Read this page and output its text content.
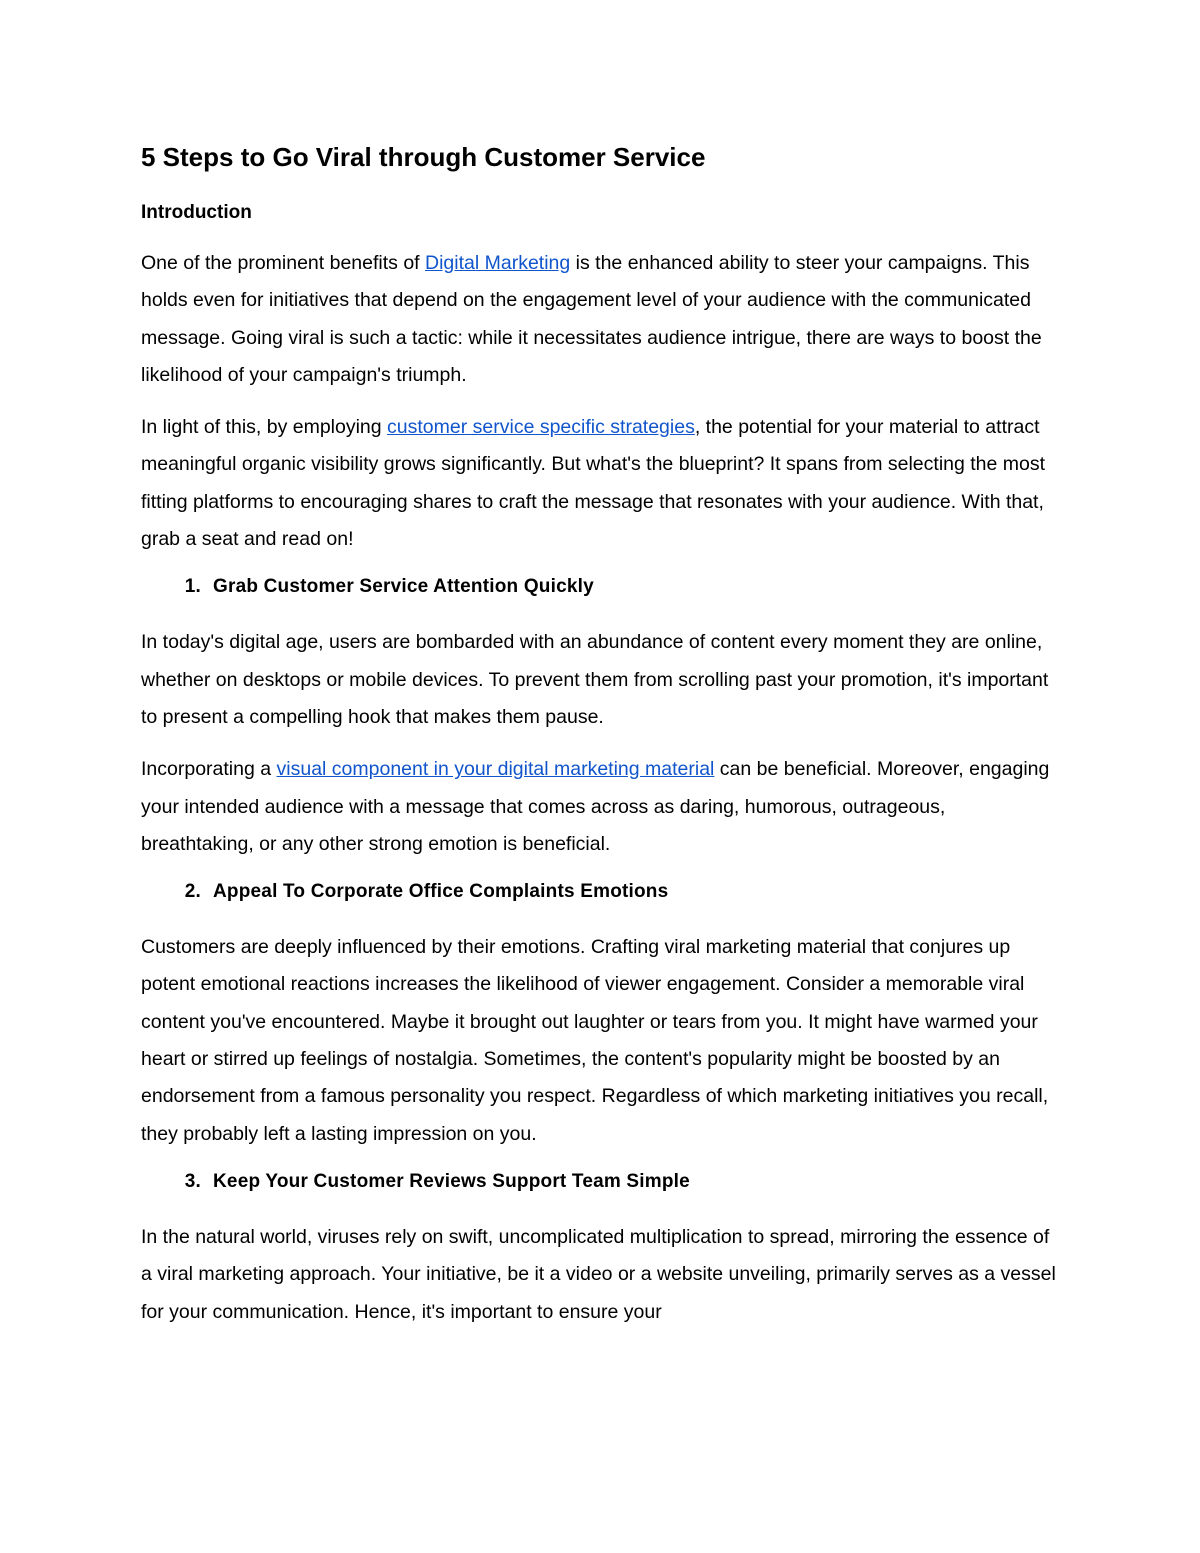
5 Steps to Go Viral through Customer Service
Introduction

One of the prominent benefits of Digital Marketing is the enhanced ability to steer your campaigns. This holds even for initiatives that depend on the engagement level of your audience with the communicated message. Going viral is such a tactic: while it necessitates audience intrigue, there are ways to boost the likelihood of your campaign's triumph.

In light of this, by employing customer service specific strategies, the potential for your material to attract meaningful organic visibility grows significantly. But what's the blueprint? It spans from selecting the most fitting platforms to encouraging shares to craft the message that resonates with your audience. With that, grab a seat and read on!

1. Grab Customer Service Attention Quickly

In today's digital age, users are bombarded with an abundance of content every moment they are online, whether on desktops or mobile devices. To prevent them from scrolling past your promotion, it's important to present a compelling hook that makes them pause.

Incorporating a visual component in your digital marketing material can be beneficial. Moreover, engaging your intended audience with a message that comes across as daring, humorous, outrageous, breathtaking, or any other strong emotion is beneficial.

2. Appeal To Corporate Office Complaints Emotions

Customers are deeply influenced by their emotions. Crafting viral marketing material that conjures up potent emotional reactions increases the likelihood of viewer engagement. Consider a memorable viral content you've encountered. Maybe it brought out laughter or tears from you. It might have warmed your heart or stirred up feelings of nostalgia. Sometimes, the content's popularity might be boosted by an endorsement from a famous personality you respect. Regardless of which marketing initiatives you recall, they probably left a lasting impression on you.

3. Keep Your Customer Reviews Support Team Simple

In the natural world, viruses rely on swift, uncomplicated multiplication to spread, mirroring the essence of a viral marketing approach. Your initiative, be it a video or a website unveiling, primarily serves as a vessel for your communication. Hence, it's important to ensure your
